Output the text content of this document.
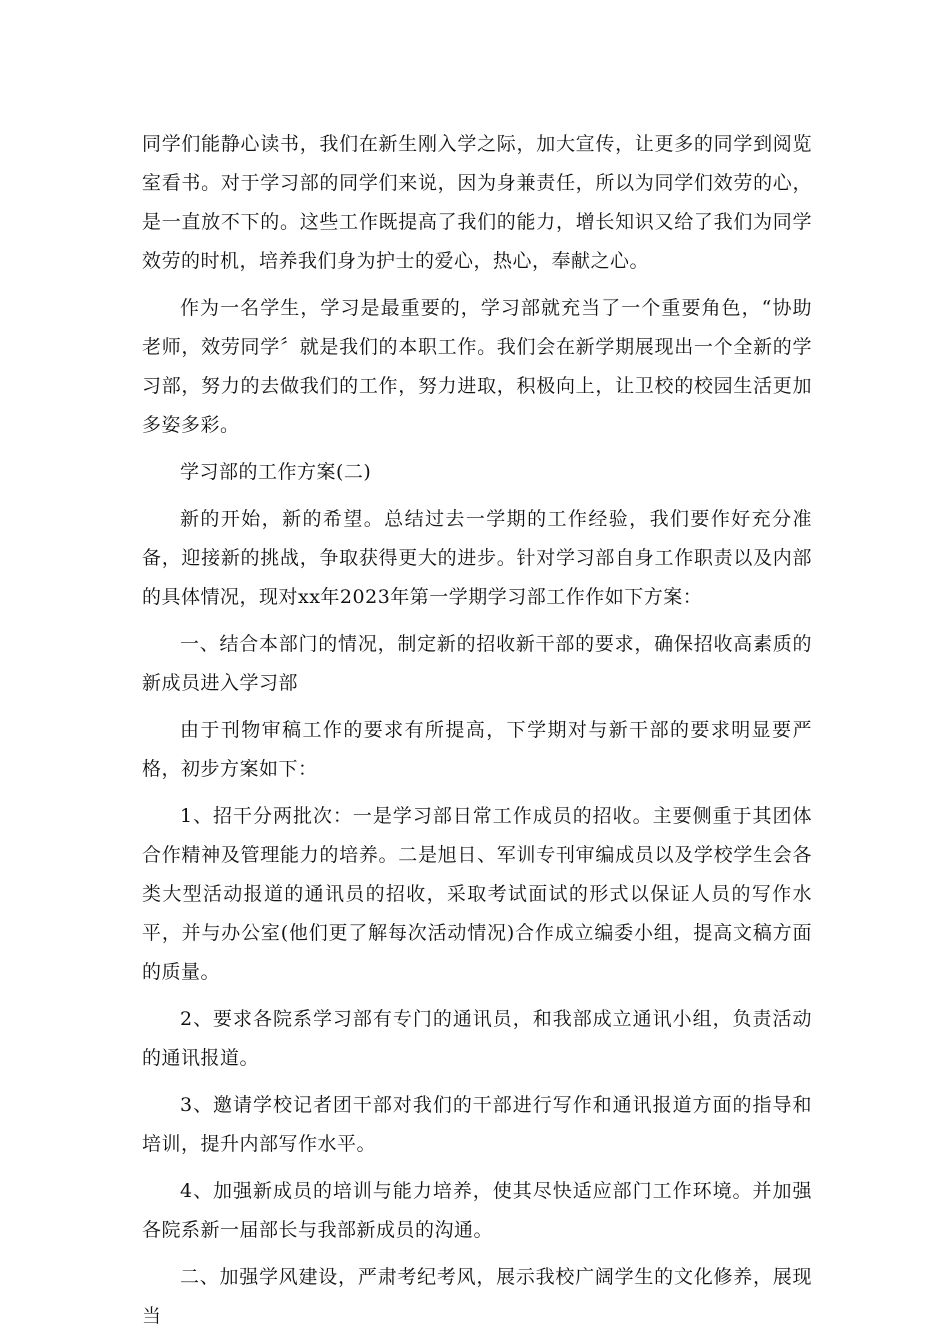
同学们能静心读书，我们在新生刚入学之际，加大宣传，让更多的同学到阅览室看书。对于学习部的同学们来说，因为身兼责任，所以为同学们效劳的心，是一直放不下的。这些工作既提高了我们的能力，增长知识又给了我们为同学效劳的时机，培养我们身为护士的爱心，热心，奉献之心。

作为一名学生，学习是最重要的，学习部就充当了一个重要角色，“协助老师，效劳同学〞就是我们的本职工作。我们会在新学期展现出一个全新的学习部，努力的去做我们的工作，努力进取，积极向上，让卫校的校园生活更加多姿多彩。

学习部的工作方案(二)

新的开始，新的希望。总结过去一学期的工作经验，我们要作好充分准备，迎接新的挑战，争取获得更大的进步。针对学习部自身工作职责以及内部的具体情况，现对xx年2023年第一学期学习部工作作如下方案：

一、结合本部门的情况，制定新的招收新干部的要求，确保招收高素质的新成员进入学习部

由于刊物审稿工作的要求有所提高，下学期对与新干部的要求明显要严格，初步方案如下：

1、招干分两批次：一是学习部日常工作成员的招收。主要侧重于其团体合作精神及管理能力的培养。二是旭日、军训专刊审编成员以及学校学生会各类大型活动报道的通讯员的招收，采取考试面试的形式以保证人员的写作水平，并与办公室(他们更了解每次活动情况)合作成立编委小组，提高文稿方面的质量。

2、要求各院系学习部有专门的通讯员，和我部成立通讯小组，负责活动的通讯报道。

3、邀请学校记者团干部对我们的干部进行写作和通讯报道方面的指导和培训，提升内部写作水平。

4、加强新成员的培训与能力培养，使其尽快适应部门工作环境。并加强各院系新一届部长与我部新成员的沟通。

二、加强学风建设，严肃考纪考风，展示我校广阔学生的文化修养，展现当
